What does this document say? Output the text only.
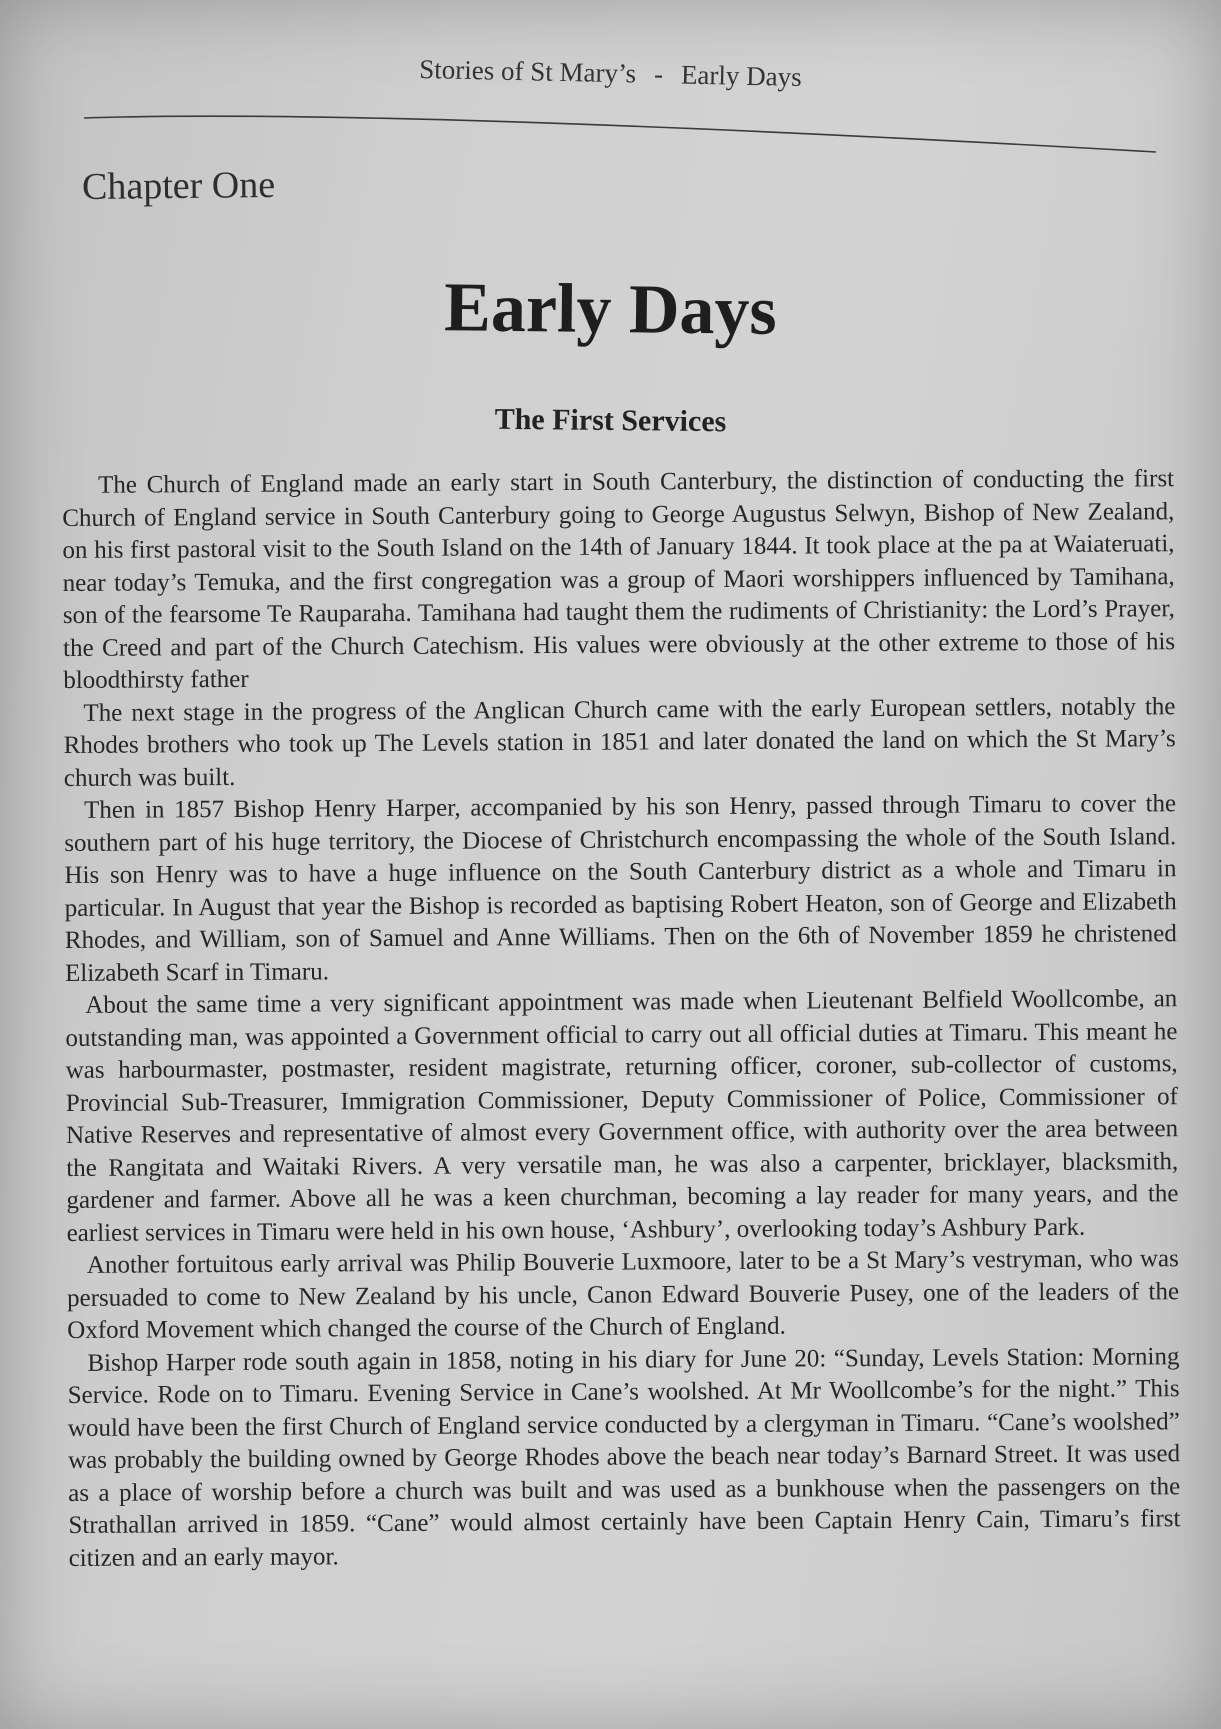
Stories of St Mary’s - Early Days
Chapter One
Early Days
The First Services

The Church of England made an early start in South Canterbury, the distinction of conducting the first Church of England service in South Canterbury going to George Augustus Selwyn, Bishop of New Zealand, on his first pastoral visit to the South Island on the 14th of January 1844. It took place at the pa at Waiateruati, near today’s Temuka, and the first congregation was a group of Maori worshippers influenced by Tamihana, son of the fearsome Te Rauparaha. Tamihana had taught them the rudiments of Christianity: the Lord’s Prayer, the Creed and part of the Church Catechism. His values were obviously at the other extreme to those of his bloodthirsty father

The next stage in the progress of the Anglican Church came with the early European settlers, notably the Rhodes brothers who took up The Levels station in 1851 and later donated the land on which the St Mary’s church was built.

Then in 1857 Bishop Henry Harper, accompanied by his son Henry, passed through Timaru to cover the southern part of his huge territory, the Diocese of Christchurch encompassing the whole of the South Island. His son Henry was to have a huge influence on the South Canterbury district as a whole and Timaru in particular. In August that year the Bishop is recorded as baptising Robert Heaton, son of George and Elizabeth Rhodes, and William, son of Samuel and Anne Williams. Then on the 6th of November 1859 he christened Elizabeth Scarf in Timaru.

About the same time a very significant appointment was made when Lieutenant Belfield Woollcombe, an outstanding man, was appointed a Government official to carry out all official duties at Timaru. This meant he was harbourmaster, postmaster, resident magistrate, returning officer, coroner, sub-collector of customs, Provincial Sub-Treasurer, Immigration Commissioner, Deputy Commissioner of Police, Commissioner of Native Reserves and representative of almost every Government office, with authority over the area between the Rangitata and Waitaki Rivers. A very versatile man, he was also a carpenter, bricklayer, blacksmith, gardener and farmer. Above all he was a keen churchman, becoming a lay reader for many years, and the earliest services in Timaru were held in his own house, ‘Ashbury’, overlooking today’s Ashbury Park.

Another fortuitous early arrival was Philip Bouverie Luxmoore, later to be a St Mary’s vestryman, who was persuaded to come to New Zealand by his uncle, Canon Edward Bouverie Pusey, one of the leaders of the Oxford Movement which changed the course of the Church of England.

Bishop Harper rode south again in 1858, noting in his diary for June 20: “Sunday, Levels Station: Morning Service. Rode on to Timaru. Evening Service in Cane’s woolshed. At Mr Woollcombe’s for the night.” This would have been the first Church of England service conducted by a clergyman in Timaru. “Cane’s woolshed” was probably the building owned by George Rhodes above the beach near today’s Barnard Street. It was used as a place of worship before a church was built and was used as a bunkhouse when the passengers on the Strathallan arrived in 1859. “Cane” would almost certainly have been Captain Henry Cain, Timaru’s first citizen and an early mayor.
